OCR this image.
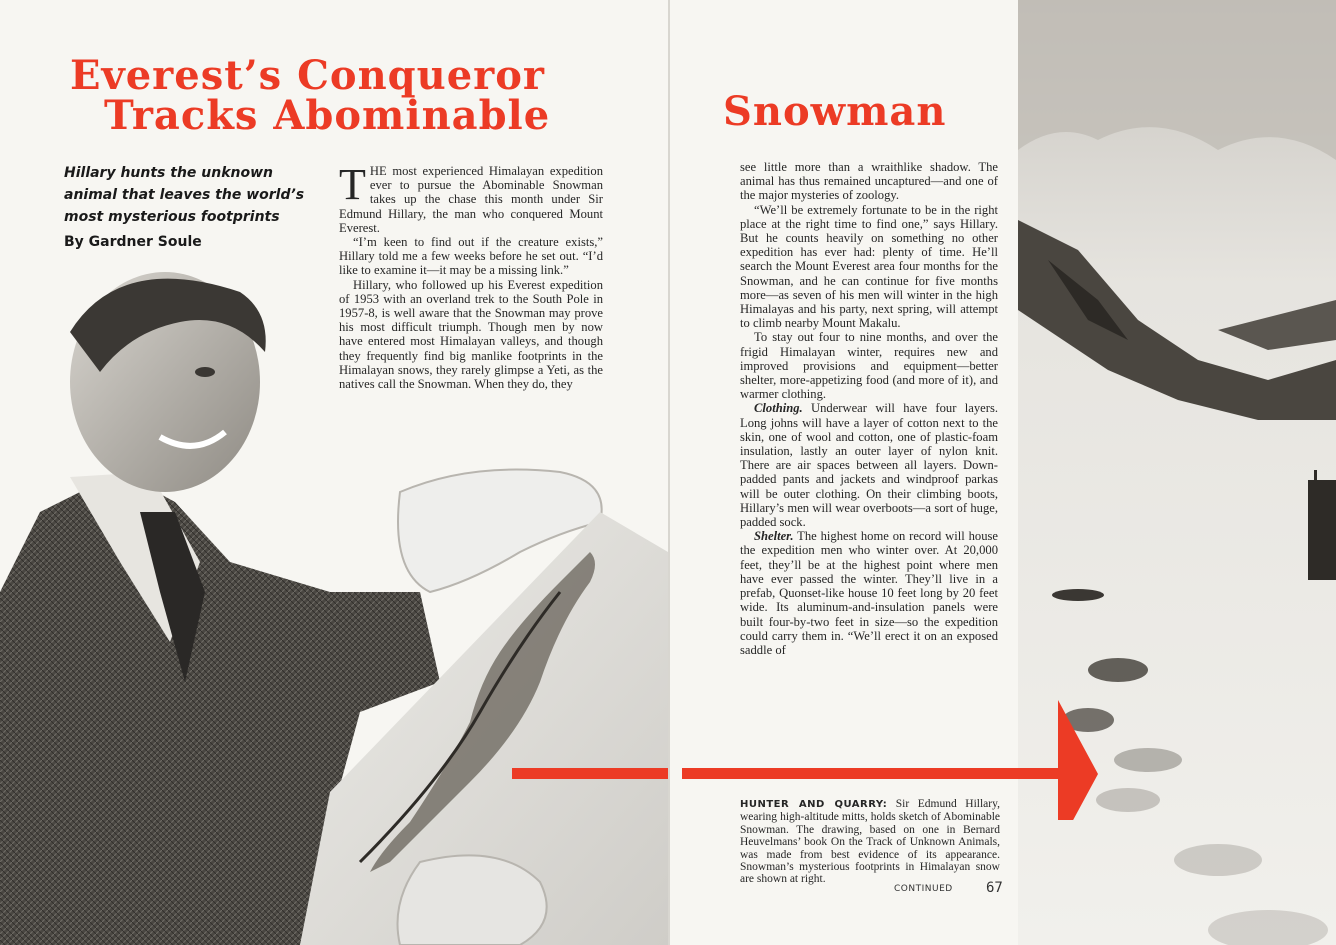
Everest’s Conqueror
Tracks Abominable
Hillary hunts the unknown animal that leaves the world’s most mysterious footprints
By Gardner Soule

THE most experienced Himalayan expedition ever to pursue the Abominable Snowman takes up the chase this month under Sir Edmund Hillary, the man who conquered Mount Everest.

“I’m keen to find out if the creature exists,” Hillary told me a few weeks before he set out. “I’d like to examine it—it may be a missing link.”

Hillary, who followed up his Everest expedition of 1953 with an overland trek to the South Pole in 1957-8, is well aware that the Snowman may prove his most difficult triumph. Though men by now have entered most Himalayan valleys, and though they frequently find big manlike footprints in the Himalayan snows, they rarely glimpse a Yeti, as the natives call the Snowman. When they do, they

Snowman

see little more than a wraithlike shadow. The animal has thus remained uncaptured—and one of the major mysteries of zoology.

“We’ll be extremely fortunate to be in the right place at the right time to find one,” says Hillary. But he counts heavily on something no other expedition has ever had: plenty of time. He’ll search the Mount Everest area four months for the Snowman, and he can continue for five months more—as seven of his men will winter in the high Himalayas and his party, next spring, will attempt to climb nearby Mount Makalu.

To stay out four to nine months, and over the frigid Himalayan winter, requires new and improved provisions and equipment—better shelter, more-appetizing food (and more of it), and warmer clothing.

Clothing. Underwear will have four layers. Long johns will have a layer of cotton next to the skin, one of wool and cotton, one of plastic-foam insulation, lastly an outer layer of nylon knit. There are air spaces between all layers. Down-padded pants and jackets and windproof parkas will be outer clothing. On their climbing boots, Hillary’s men will wear overboots—a sort of huge, padded sock.

Shelter. The highest home on record will house the expedition men who winter over. At 20,000 feet, they’ll be at the highest point where men have ever passed the winter. They’ll live in a prefab, Quonset-like house 10 feet long by 20 feet wide. Its aluminum-and-insulation panels were built four-by-two feet in size—so the expedition could carry them in. “We’ll erect it on an exposed saddle of

HUNTER AND QUARRY: Sir Edmund Hillary, wearing high-altitude mitts, holds sketch of Abominable Snowman. The drawing, based on one in Bernard Heuvelmans’ book On the Track of Unknown Animals, was made from best evidence of its appearance. Snowman’s mysterious footprints in Himalayan snow are shown at right.
CONTINUED 67
